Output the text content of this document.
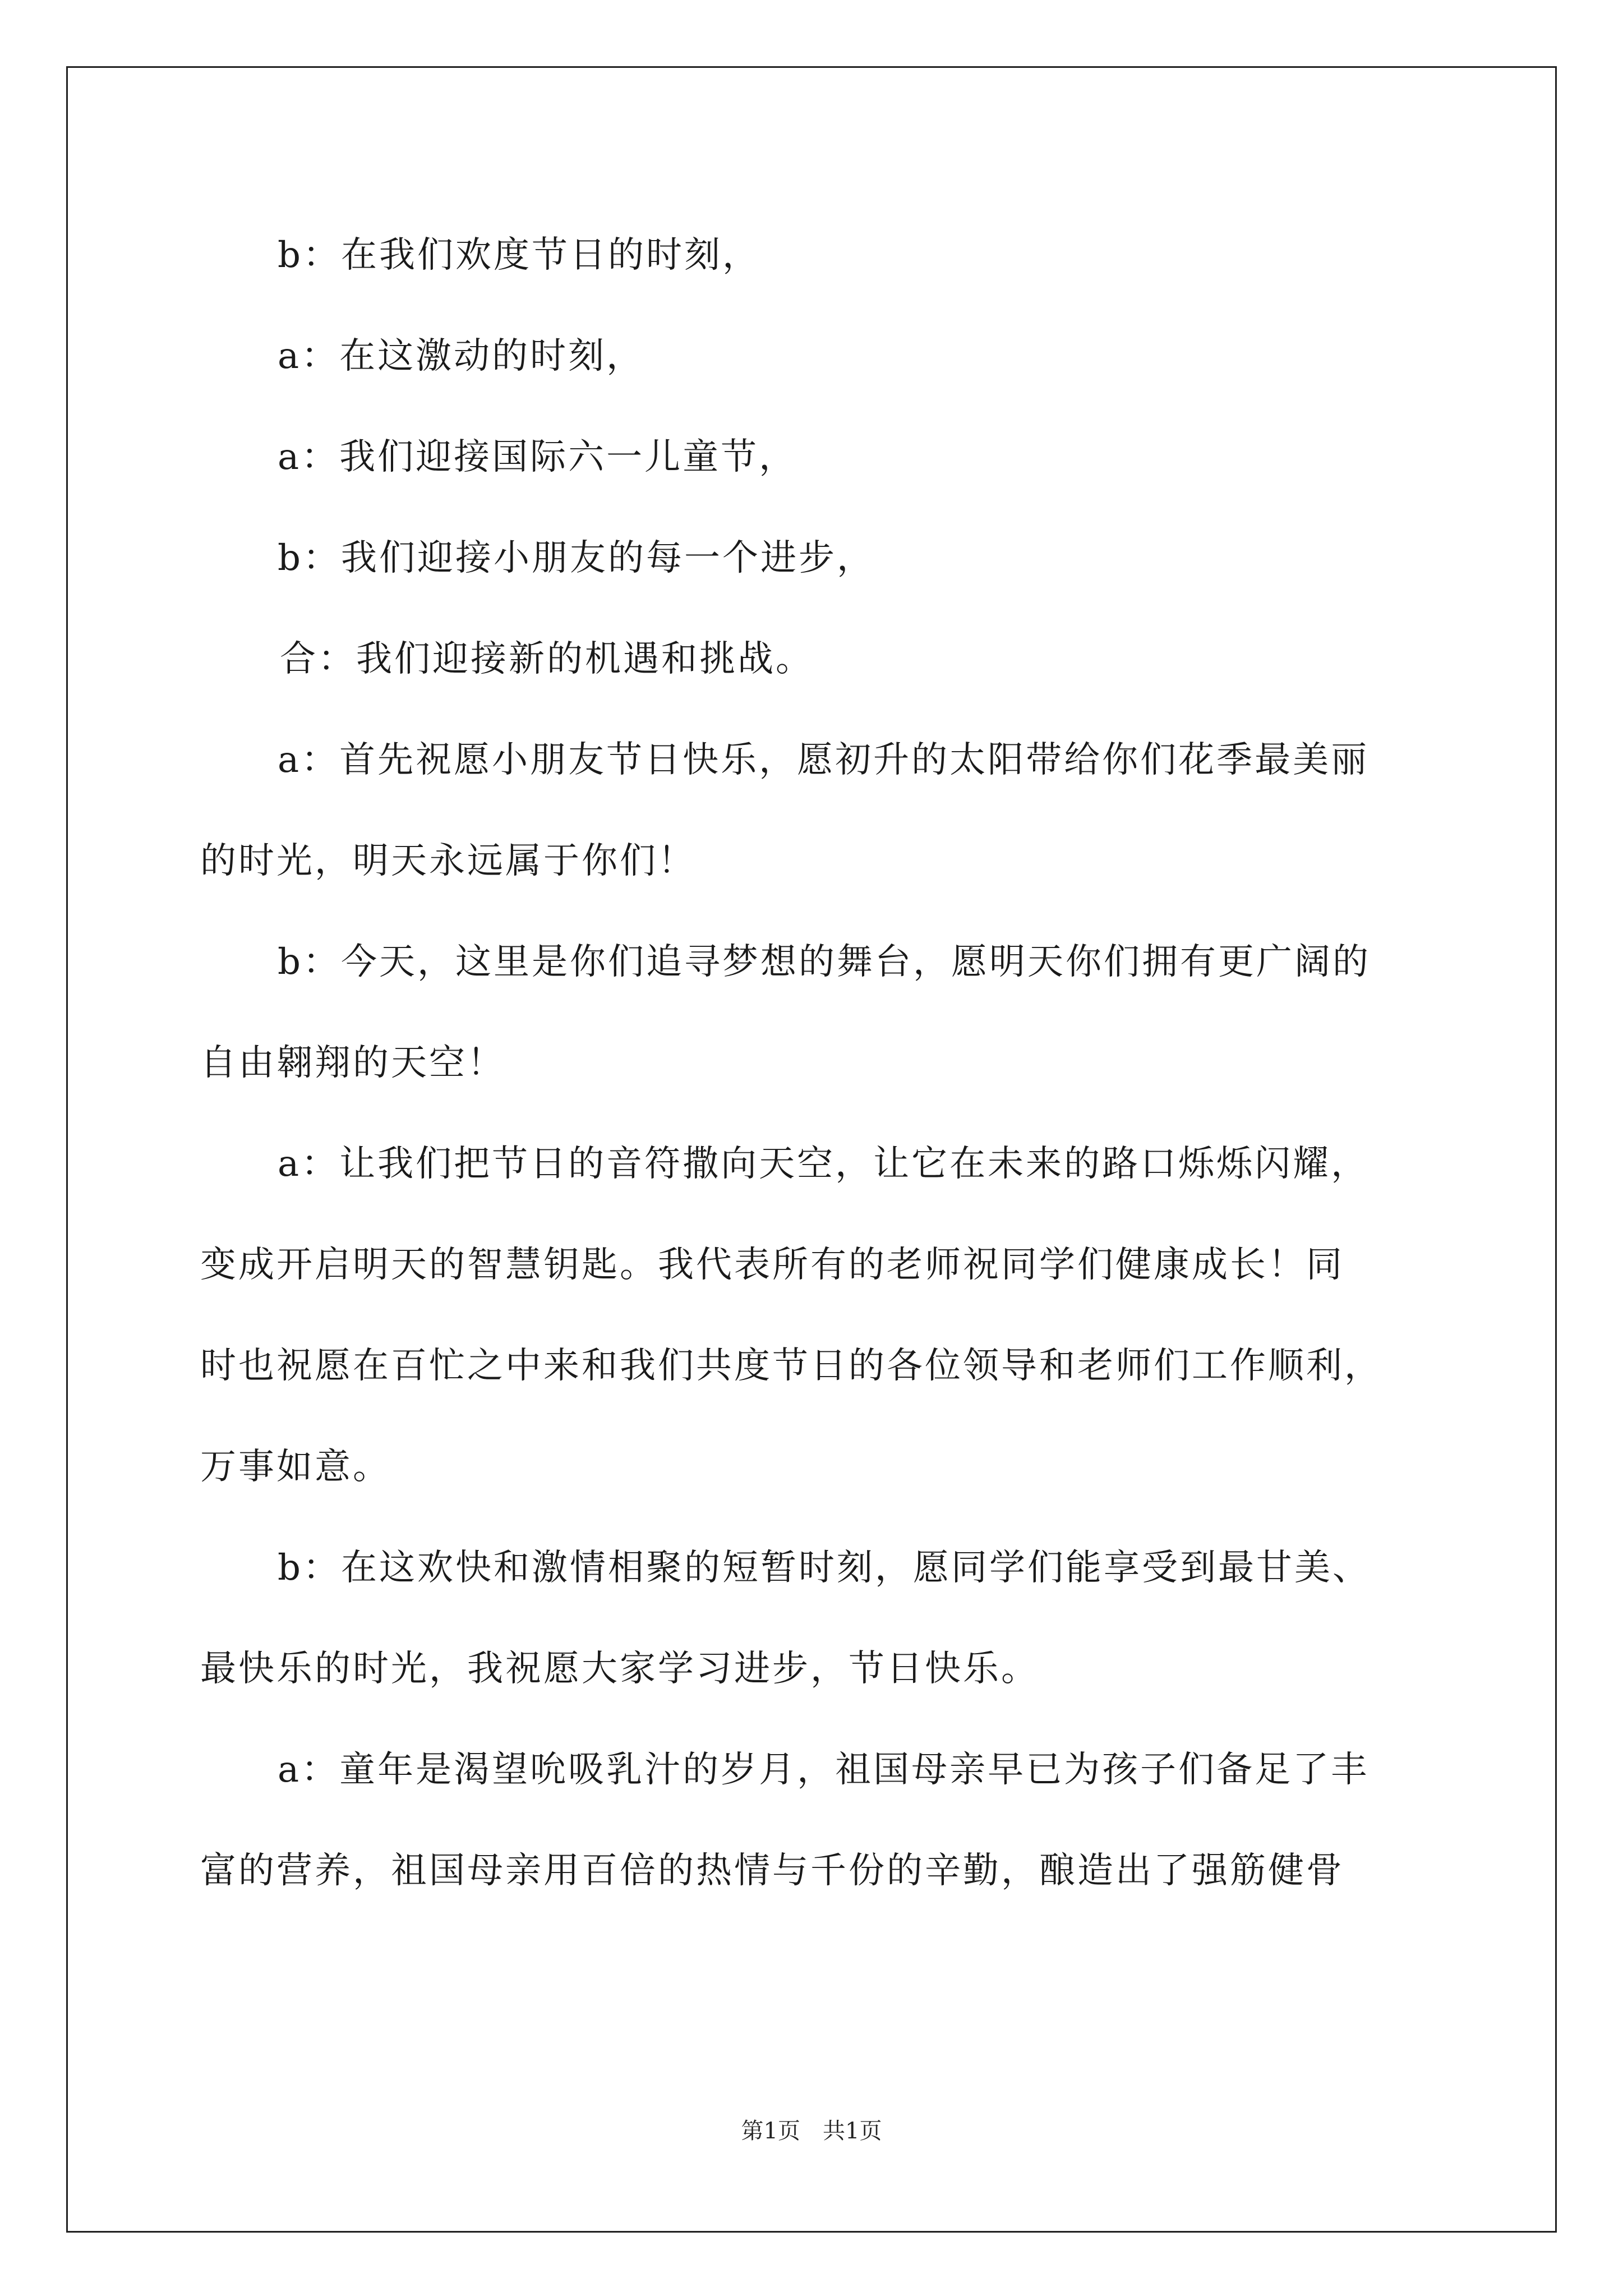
b：在我们欢度节日的时刻，
a：在这激动的时刻，
a：我们迎接国际六一儿童节，
b：我们迎接小朋友的每一个进步，
合：我们迎接新的机遇和挑战。
a：首先祝愿小朋友节日快乐，愿初升的太阳带给你们花季最美丽
的时光，明天永远属于你们！
b：今天，这里是你们追寻梦想的舞台，愿明天你们拥有更广阔的
自由翱翔的天空！
a：让我们把节日的音符撒向天空，让它在未来的路口烁烁闪耀，
变成开启明天的智慧钥匙。我代表所有的老师祝同学们健康成长！同
时也祝愿在百忙之中来和我们共度节日的各位领导和老师们工作顺利，
万事如意。
b：在这欢快和激情相聚的短暂时刻，愿同学们能享受到最甘美、
最快乐的时光，我祝愿大家学习进步，节日快乐。
a：童年是渴望吮吸乳汁的岁月，祖国母亲早已为孩子们备足了丰
富的营养，祖国母亲用百倍的热情与千份的辛勤，酿造出了强筋健骨
第1页　共1页
